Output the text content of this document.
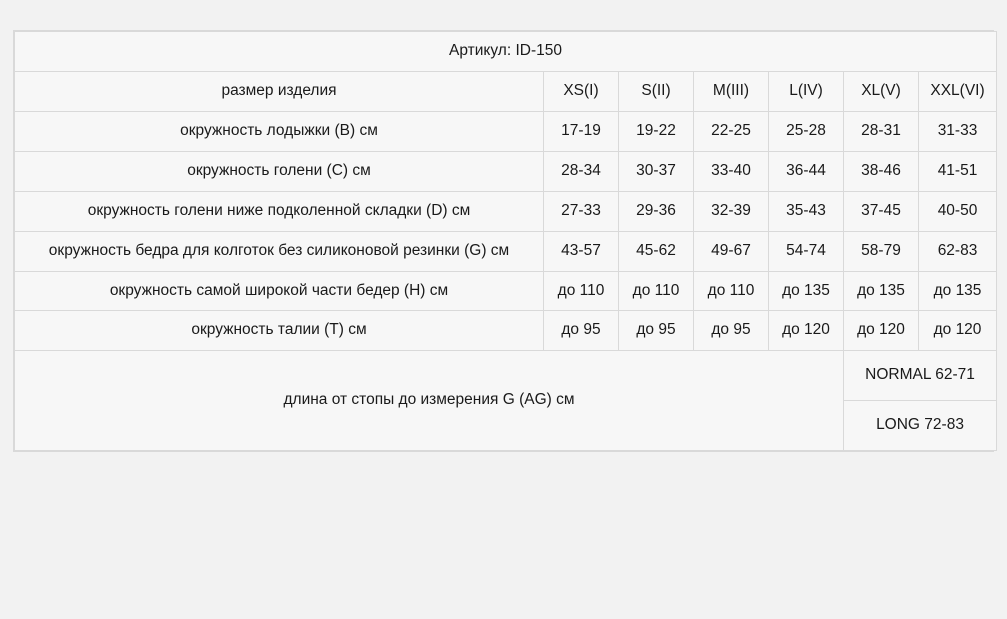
Артикул: ID-150						
размер изделия	XS(I)	S(II)	M(III)	L(IV)	XL(V)	XXL(VI)
окружность лодыжки (B) см	17-19	19-22	22-25	25-28	28-31	31-33
окружность голени (C) см	28-34	30-37	33-40	36-44	38-46	41-51
окружность голени ниже подколенной складки (D) см	27-33	29-36	32-39	35-43	37-45	40-50
окружность бедра для колготок без силиконовой резинки (G) см	43-57	45-62	49-67	54-74	58-79	62-83
окружность самой широкой части бедер (H) см	до 110	до 110	до 110	до 135	до 135	до 135
окружность талии (T) см	до 95	до 95	до 95	до 120	до 120	до 120
длина от стопы до измерения G (AG) см					NORMAL 62-71	
					LONG 72-83	
